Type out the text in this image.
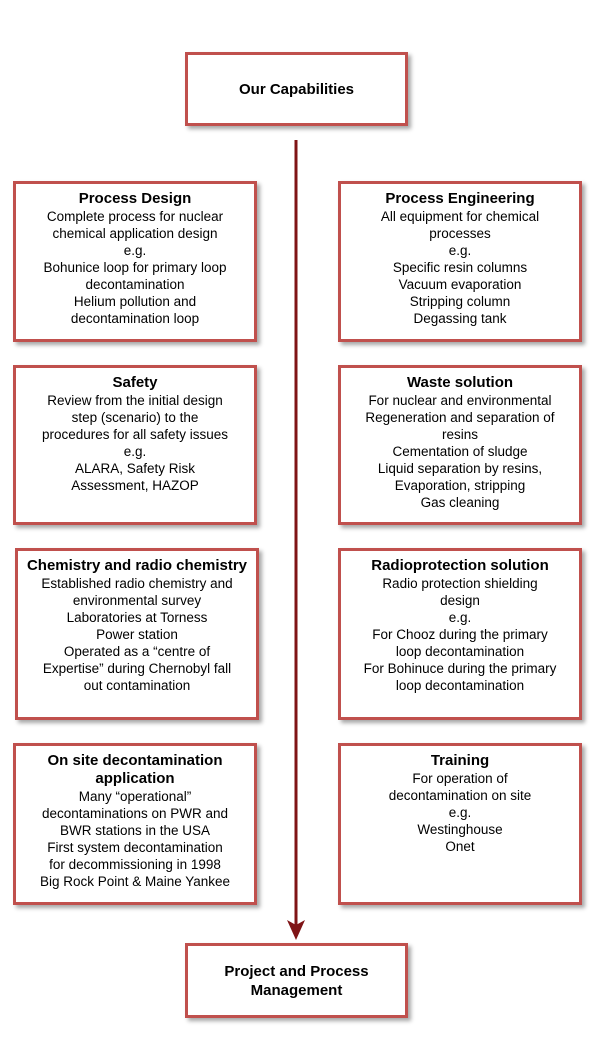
Our Capabilities
Process Design
Complete process for nuclear
chemical application design
e.g.
Bohunice loop for primary loop
decontamination
Helium pollution and
decontamination loop
Safety
Review from the initial design
step (scenario) to the
procedures for all safety issues
e.g.
ALARA, Safety Risk
Assessment, HAZOP
Chemistry and radio chemistry
Established radio chemistry and
environmental survey
Laboratories at Torness
Power station
Operated as a “centre of
Expertise” during Chernobyl fall
out contamination
On site decontamination application
Many “operational”
decontaminations on PWR and
BWR stations in the USA
First system decontamination
for decommissioning in 1998
Big Rock Point & Maine Yankee
Process Engineering
All equipment for chemical
processes
e.g.
Specific resin columns
Vacuum evaporation
Stripping column
Degassing tank
Waste solution
For nuclear and environmental
Regeneration and separation of
resins
Cementation of sludge
Liquid separation by resins,
Evaporation, stripping
Gas cleaning
Radioprotection solution
Radio protection shielding
design
e.g.
For Chooz during the primary
loop decontamination
For Bohinuce during the primary
loop decontamination
Training
For operation of
decontamination on site
e.g.
Westinghouse
Onet
Project and Process Management
